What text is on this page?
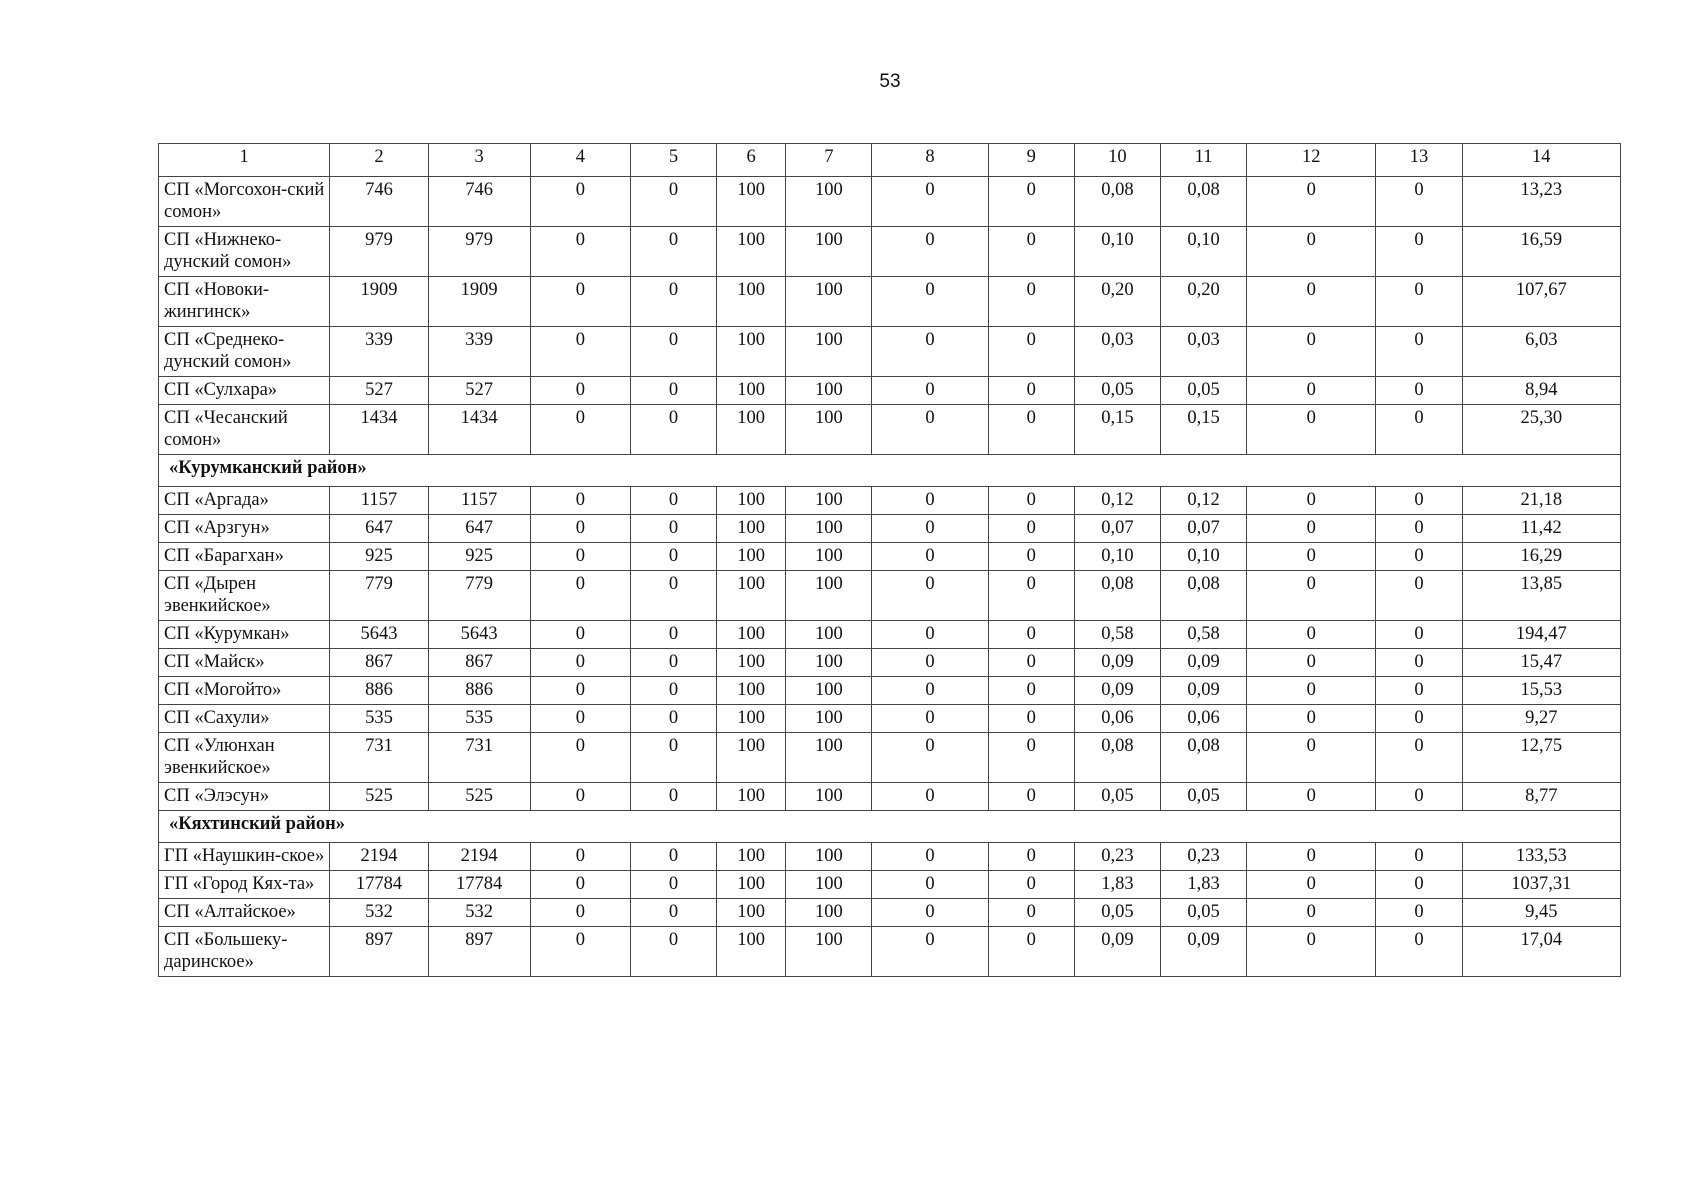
53
1	2	3	4	5	6	7	8	9	10	11	12	13	14
СП «Могсохон-ский сомон»	746	746	0	0	100	100	0	0	0,08	0,08	0	0	13,23
СП «Нижнеко-дунский сомон»	979	979	0	0	100	100	0	0	0,10	0,10	0	0	16,59
СП «Новоки-жингинск»	1909	1909	0	0	100	100	0	0	0,20	0,20	0	0	107,67
СП «Среднеко-дунский сомон»	339	339	0	0	100	100	0	0	0,03	0,03	0	0	6,03
СП «Сулхара»	527	527	0	0	100	100	0	0	0,05	0,05	0	0	8,94
СП «Чесанский сомон»	1434	1434	0	0	100	100	0	0	0,15	0,15	0	0	25,30
«Курумканский район»													
СП «Аргада»	1157	1157	0	0	100	100	0	0	0,12	0,12	0	0	21,18
СП «Арзгун»	647	647	0	0	100	100	0	0	0,07	0,07	0	0	11,42
СП «Барагхан»	925	925	0	0	100	100	0	0	0,10	0,10	0	0	16,29
СП «Дырен эвенкийское»	779	779	0	0	100	100	0	0	0,08	0,08	0	0	13,85
СП «Курумкан»	5643	5643	0	0	100	100	0	0	0,58	0,58	0	0	194,47
СП «Майск»	867	867	0	0	100	100	0	0	0,09	0,09	0	0	15,47
СП «Могойто»	886	886	0	0	100	100	0	0	0,09	0,09	0	0	15,53
СП «Сахули»	535	535	0	0	100	100	0	0	0,06	0,06	0	0	9,27
СП «Улюнхан эвенкийское»	731	731	0	0	100	100	0	0	0,08	0,08	0	0	12,75
СП «Элэсун»	525	525	0	0	100	100	0	0	0,05	0,05	0	0	8,77
«Кяхтинский район»													
ГП «Наушкин-ское»	2194	2194	0	0	100	100	0	0	0,23	0,23	0	0	133,53
ГП «Город Кях-та»	17784	17784	0	0	100	100	0	0	1,83	1,83	0	0	1037,31
СП «Алтайское»	532	532	0	0	100	100	0	0	0,05	0,05	0	0	9,45
СП «Большеку-даринское»	897	897	0	0	100	100	0	0	0,09	0,09	0	0	17,04
